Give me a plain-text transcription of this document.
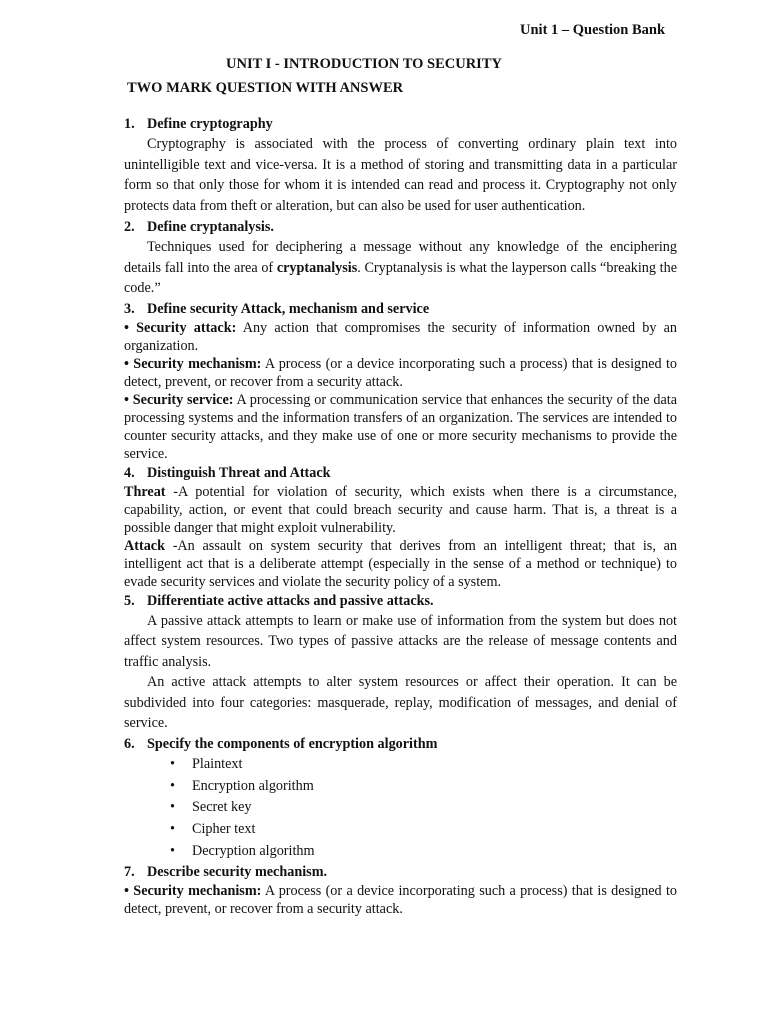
Unit 1 – Question Bank
UNIT I - INTRODUCTION TO SECURITY
TWO MARK QUESTION WITH ANSWER
1. Define cryptography

Cryptography is associated with the process of converting ordinary plain text into unintelligible text and vice-versa. It is a method of storing and transmitting data in a particular form so that only those for whom it is intended can read and process it. Cryptography not only protects data from theft or alteration, but can also be used for user authentication.

2. Define cryptanalysis.

Techniques used for deciphering a message without any knowledge of the enciphering details fall into the area of cryptanalysis. Cryptanalysis is what the layperson calls “breaking the code.”

3. Define security Attack, mechanism and service

• Security attack: Any action that compromises the security of information owned by an organization.

• Security mechanism: A process (or a device incorporating such a process) that is designed to detect, prevent, or recover from a security attack.

• Security service: A processing or communication service that enhances the security of the data processing systems and the information transfers of an organization. The services are intended to counter security attacks, and they make use of one or more security mechanisms to provide the service.

4. Distinguish Threat and Attack

Threat -A potential for violation of security, which exists when there is a circumstance, capability, action, or event that could breach security and cause harm. That is, a threat is a possible danger that might exploit vulnerability.

Attack -An assault on system security that derives from an intelligent threat; that is, an intelligent act that is a deliberate attempt (especially in the sense of a method or technique) to evade security services and violate the security policy of a system.

5. Differentiate active attacks and passive attacks.

A passive attack attempts to learn or make use of information from the system but does not affect system resources. Two types of passive attacks are the release of message contents and traffic analysis.

An active attack attempts to alter system resources or affect their operation. It can be subdivided into four categories: masquerade, replay, modification of messages, and denial of service.

6. Specify the components of encryption algorithm
• Plaintext
• Encryption algorithm
• Secret key
• Cipher text
• Decryption algorithm
7. Describe security mechanism.

• Security mechanism: A process (or a device incorporating such a process) that is designed to detect, prevent, or recover from a security attack.
